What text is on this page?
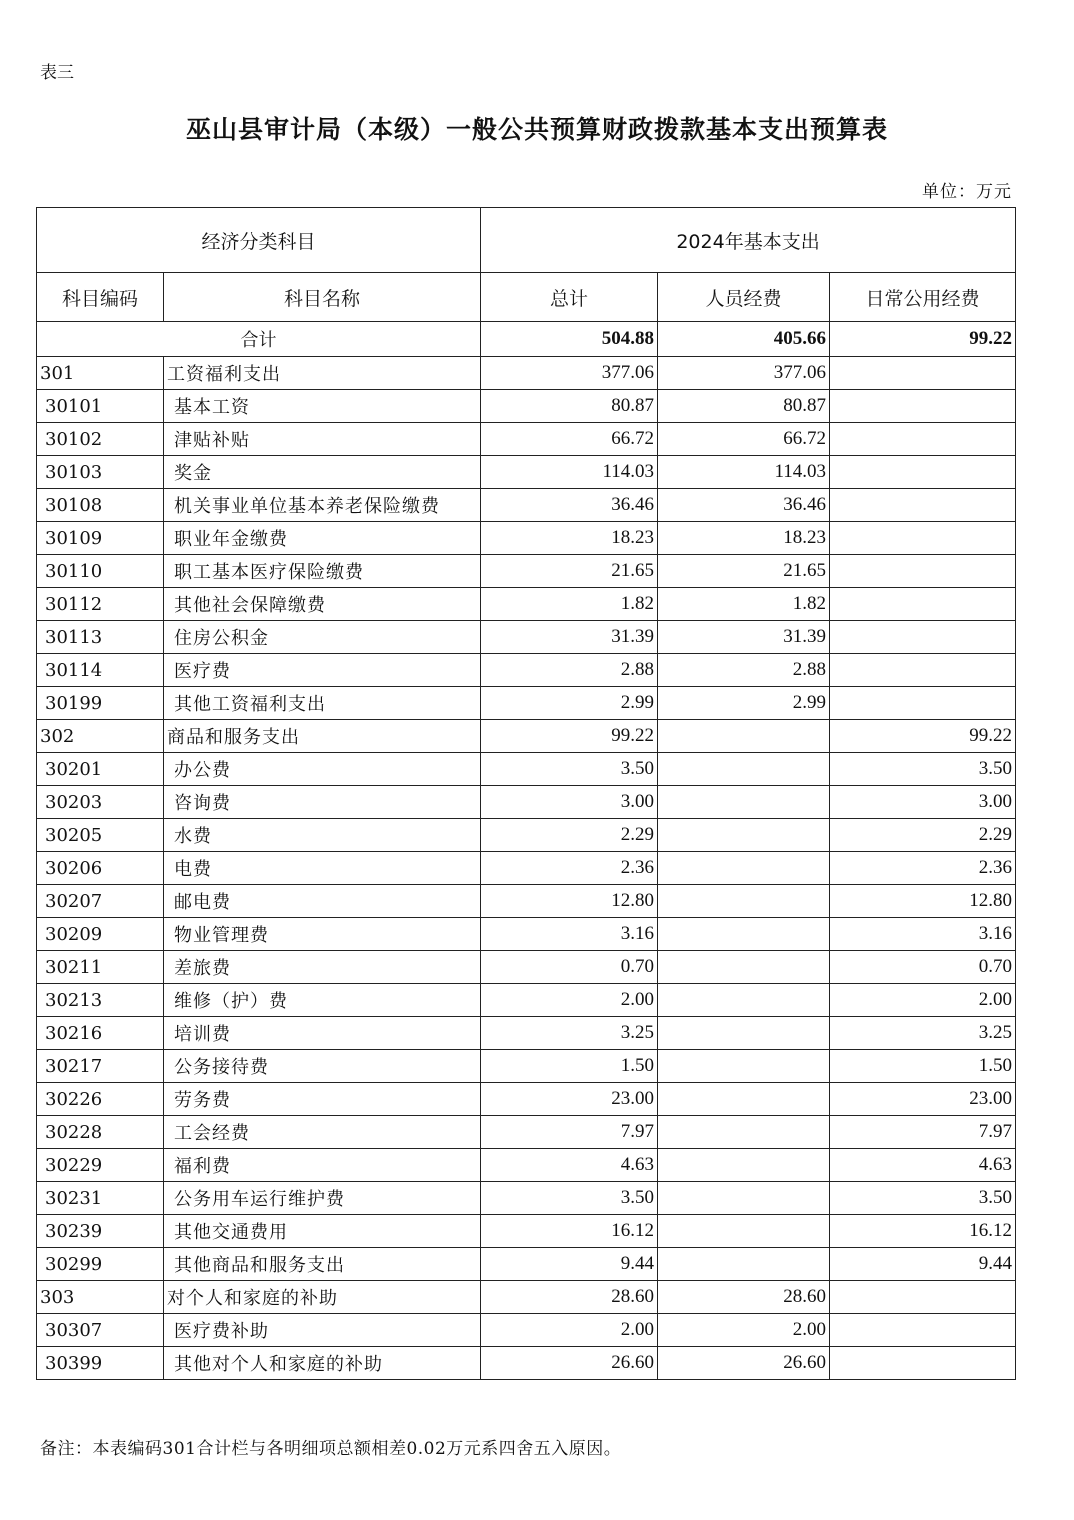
表三
巫山县审计局（本级）一般公共预算财政拨款基本支出预算表
单位：万元
经济分类科目		2024年基本支出		
科目编码	科目名称	总计	人员经费	日常公用经费
合计		504.88	405.66	99.22
301	工资福利支出	377.06	377.06	
30101	基本工资	80.87	80.87	
30102	津贴补贴	66.72	66.72	
30103	奖金	114.03	114.03	
30108	机关事业单位基本养老保险缴费	36.46	36.46	
30109	职业年金缴费	18.23	18.23	
30110	职工基本医疗保险缴费	21.65	21.65	
30112	其他社会保障缴费	1.82	1.82	
30113	住房公积金	31.39	31.39	
30114	医疗费	2.88	2.88	
30199	其他工资福利支出	2.99	2.99	
302	商品和服务支出	99.22		99.22
30201	办公费	3.50		3.50
30203	咨询费	3.00		3.00
30205	水费	2.29		2.29
30206	电费	2.36		2.36
30207	邮电费	12.80		12.80
30209	物业管理费	3.16		3.16
30211	差旅费	0.70		0.70
30213	维修（护）费	2.00		2.00
30216	培训费	3.25		3.25
30217	公务接待费	1.50		1.50
30226	劳务费	23.00		23.00
30228	工会经费	7.97		7.97
30229	福利费	4.63		4.63
30231	公务用车运行维护费	3.50		3.50
30239	其他交通费用	16.12		16.12
30299	其他商品和服务支出	9.44		9.44
303	对个人和家庭的补助	28.60	28.60	
30307	医疗费补助	2.00	2.00	
30399	其他对个人和家庭的补助	26.60	26.60	
备注：本表编码301合计栏与各明细项总额相差0.02万元系四舍五入原因。
